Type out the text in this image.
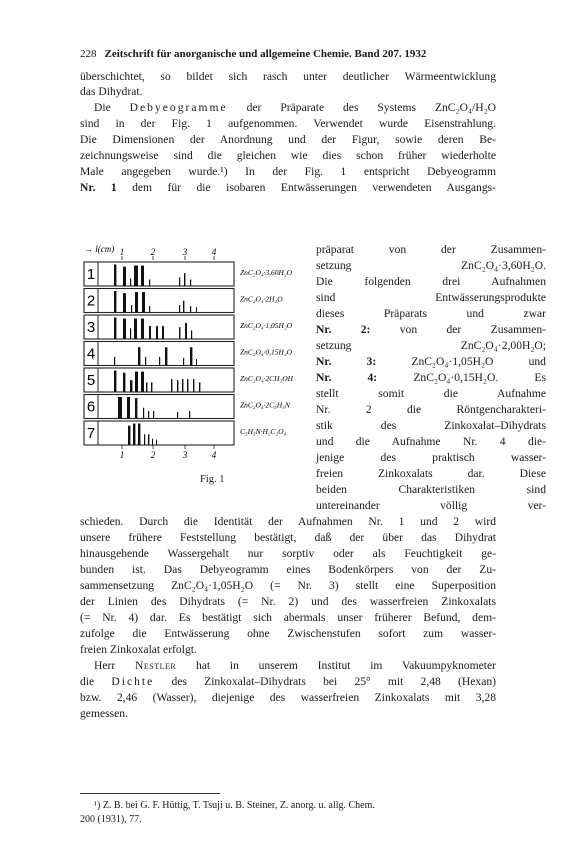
228 Zeitschrift für anorganische und allgemeine Chemie. Band 207. 1932
überschichtet, so bildet sich rasch unter deutlicher Wärmeentwicklung
das Dihydrat.
Die Debyeogramme der Präparate des Systems ZnC₂O₄/H₂O
sind in der Fig. 1 aufgenommen. Verwendet wurde Eisenstrahlung.
Die Dimensionen der Anordnung und der Figur, sowie deren Be-
zeichnungsweise sind die gleichen wie dies schon früher wiederholte
Male angegeben wurde.¹) In der Fig. 1 entspricht Debyeogramm
Nr. 1 dem für die isobaren Entwässerungen verwendeten Ausgangs-
→ l(cm) 1	2	3	4
1	ZnC₂O₄·3,60H₂O
2	ZnC₂O₄·2H₂O
3	ZnC₂O₄·1,05H₂O
4	ZnC₂O₄·0,15H₂O
5	ZnC₂O₄·2CH₃OH
6	ZnC₂O₄·2C₅H₅N
7	C₅H₅N·H₂C₂O₄
1	2	3	4
Fig. 1
präparat von der Zusammen-
setzung ZnC₂O₄·3,60H₂O.
Die folgenden drei Aufnahmen
sind Entwässerungsprodukte
dieses Präparats und zwar
Nr. 2: von der Zusammen-
setzung ZnC₂O₄·2,00H₂O;
Nr. 3: ZnC₂O₄·1,05H₂O und
Nr. 4: ZnC₂O₄·0,15H₂O. Es
stellt somit die Aufnahme
Nr. 2 die Röntgencharakteri-
stik des Zinkoxalat–Dihydrats
und die Aufnahme Nr. 4 die-
jenige des praktisch wasser-
freien Zinkoxalats dar. Diese
beiden Charakteristiken sind
untereinander völlig ver-
schieden. Durch die Identität der Aufnahmen Nr. 1 und 2 wird
unsere frühere Feststellung bestätigt, daß der über das Dihydrat
hinausgehende Wassergehalt nur sorptiv oder als Feuchtigkeit ge-
bunden ist. Das Debyeogramm eines Bodenkörpers von der Zu-
sammensetzung ZnC₂O₄·1,05H₂O (= Nr. 3) stellt eine Superposition
der Linien des Dihydrats (= Nr. 2) und des wasserfreien Zinkoxalats
(= Nr. 4) dar. Es bestätigt sich abermals unser früherer Befund, dem-
zufolge die Entwässerung ohne Zwischenstufen sofort zum wasser-
freien Zinkoxalat erfolgt.
Herr Nestler hat in unserem Institut im Vakuumpyknometer
die Dichte des Zinkoxalat–Dihydrats bei 25° mit 2,48 (Hexan)
bzw. 2,46 (Wasser), diejenige des wasserfreien Zinkoxalats mit 3,28
gemessen.
¹) Z. B. bei G. F. Hüttig, T. Tsuji u. B. Steiner, Z. anorg. u. allg. Chem.
200 (1931), 77.
